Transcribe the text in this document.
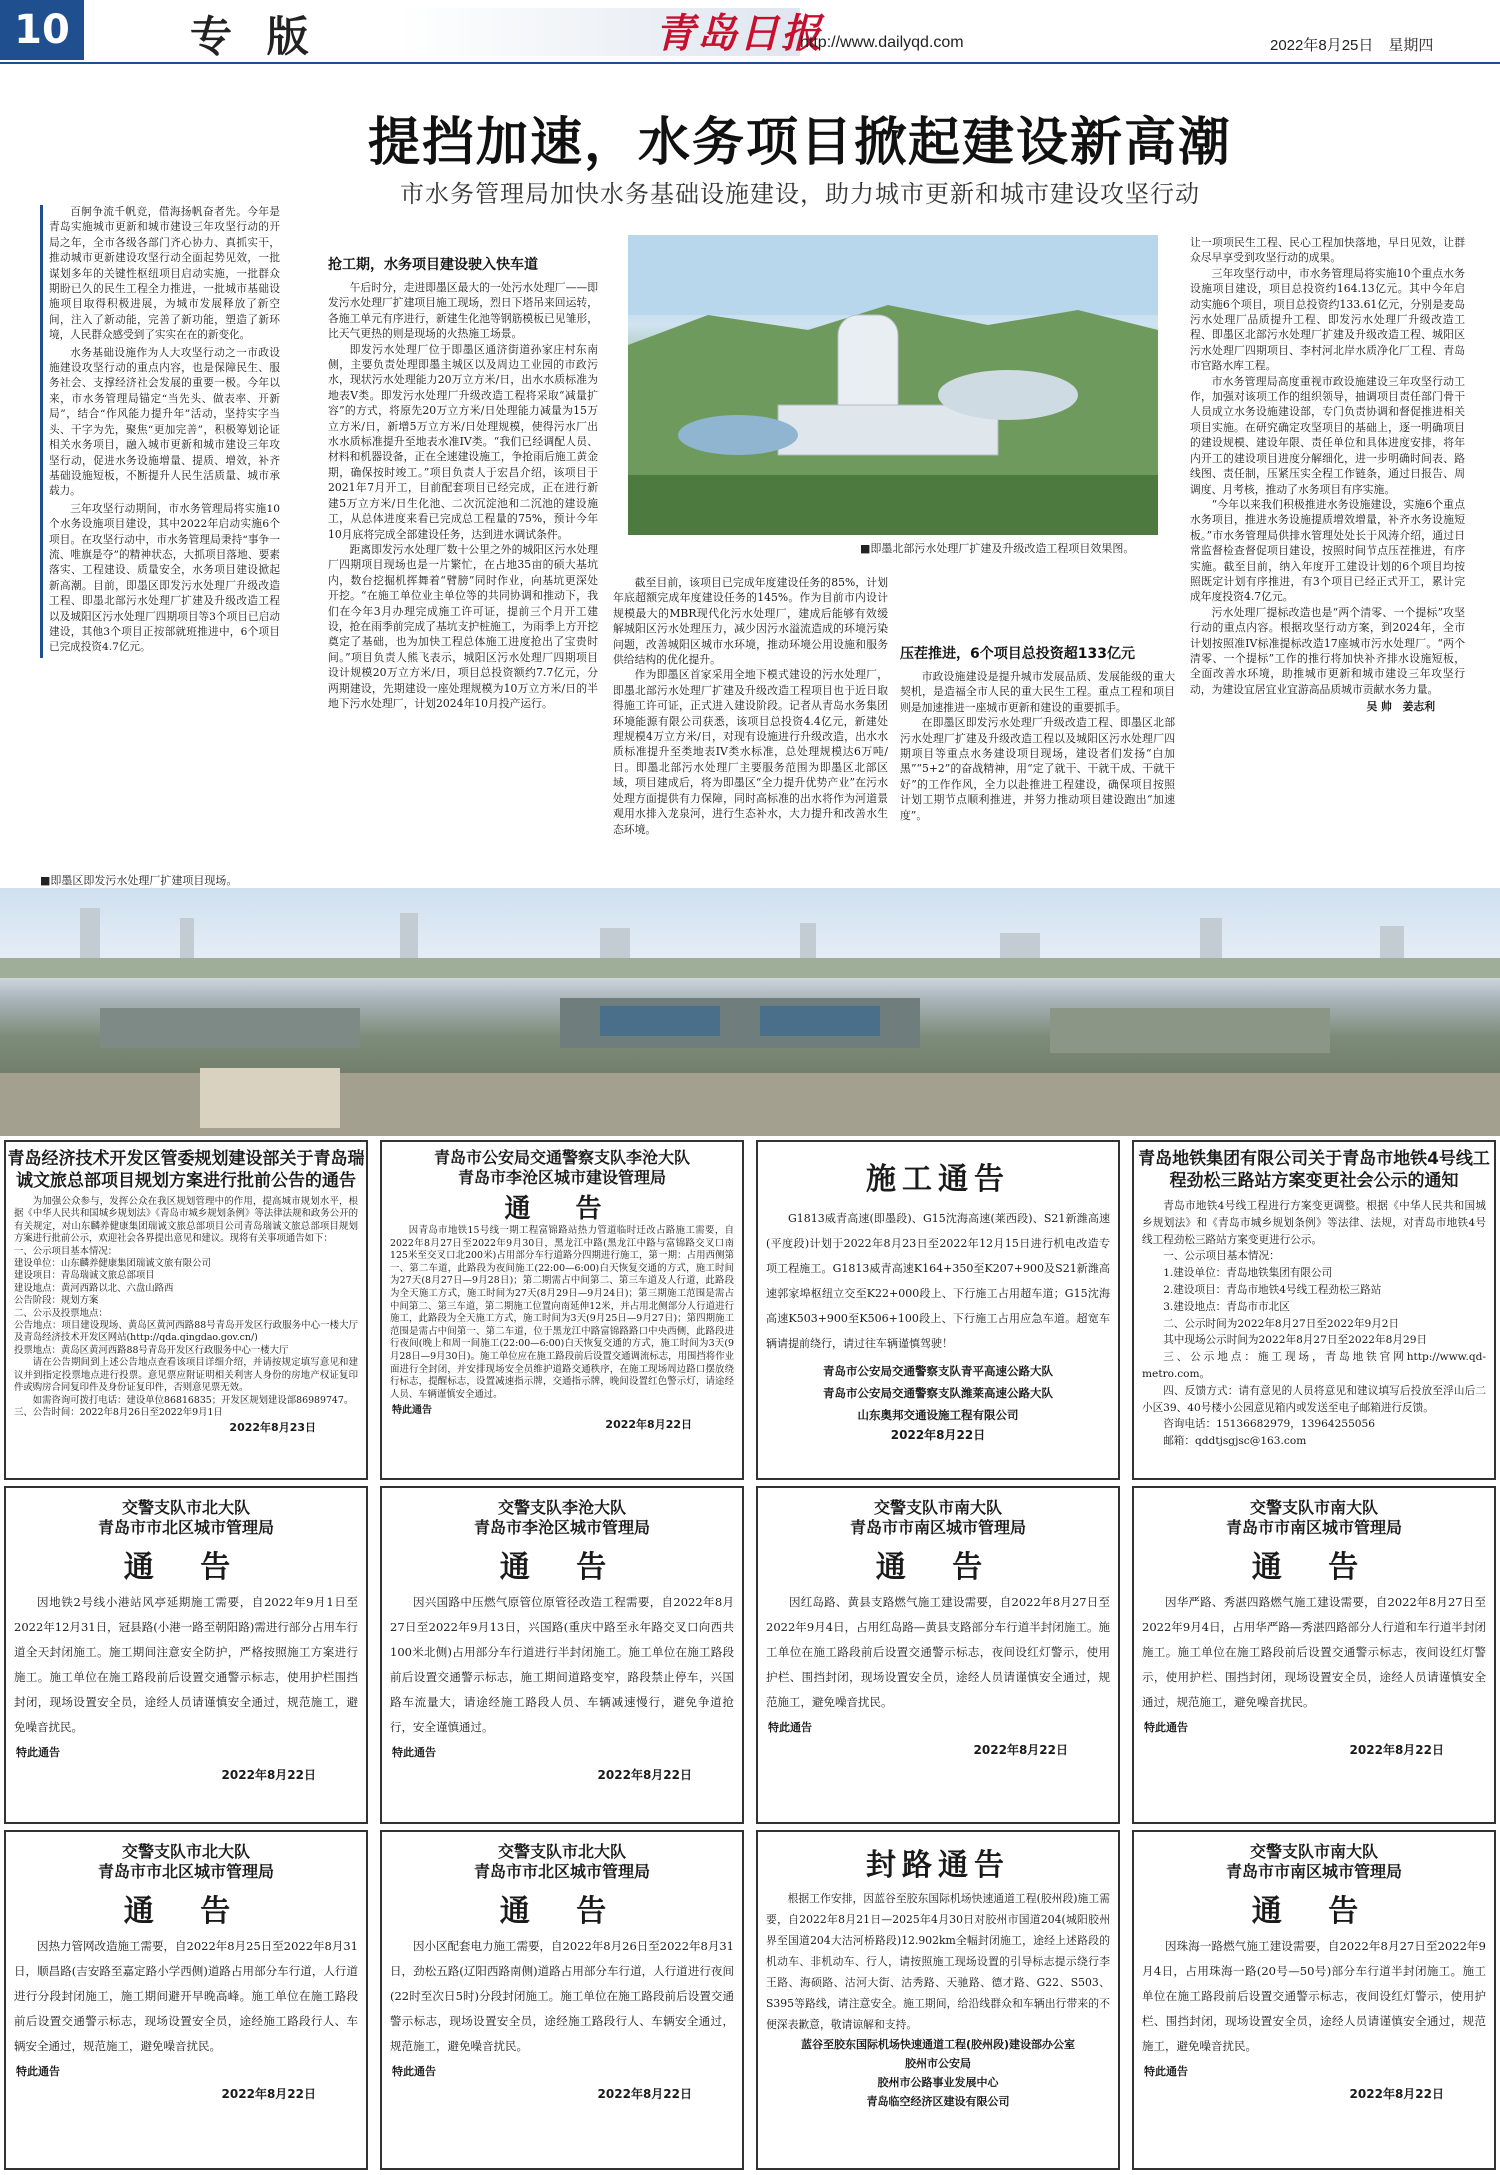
10	专 版	青岛日报
http://www.dailyqd.com	2022年8月25日　星期四
提挡加速，水务项目掀起建设新高潮
市水务管理局加快水务基础设施建设，助力城市更新和城市建设攻坚行动

百舸争流千帆竞，借海扬帆奋者先。今年是青岛实施城市更新和城市建设三年攻坚行动的开局之年，全市各级各部门齐心协力、真抓实干，推动城市更新建设攻坚行动全面起势见效，一批谋划多年的关键性枢纽项目启动实施，一批群众期盼已久的民生工程全力推进，一批城市基础设施项目取得积极进展，为城市发展释放了新空间，注入了新动能，完善了新功能，塑造了新环境，人民群众感受到了实实在在的新变化。

水务基础设施作为人大攻坚行动之一市政设施建设攻坚行动的重点内容，也是保障民生、服务社会、支撑经济社会发展的重要一极。今年以来，市水务管理局锚定“当先头、做表率、开新局”，结合“作风能力提升年”活动，坚持实字当头、干字为先，聚焦“更加完善”，积极筹划论证相关水务项目，融入城市更新和城市建设三年攻坚行动，促进水务设施增量、提质、增效，补齐基础设施短板，不断提升人民生活质量、城市承载力。

三年攻坚行动期间，市水务管理局将实施10个水务设施项目建设，其中2022年启动实施6个项目。在攻坚行动中，市水务管理局秉持“事争一流、唯旗是夺”的精神状态，大抓项目落地、要素落实、工程建设、质量安全，水务项目建设掀起新高潮。目前，即墨区即发污水处理厂升级改造工程、即墨北部污水处理厂扩建及升级改造工程以及城阳区污水处理厂四期项目等3个项目已启动建设，其他3个项目正按部就班推进中，6个项目已完成投资4.7亿元。

抢工期，水务项目建设驶入快车道

午后时分，走进即墨区最大的一处污水处理厂——即发污水处理厂扩建项目施工现场，烈日下塔吊来回运转，各施工单元有序进行，新建生化池等钢筋模板已见雏形，比天气更热的则是现场的火热施工场景。

即发污水处理厂位于即墨区通济街道孙家庄村东南侧，主要负责处理即墨主城区以及周边工业园的市政污水，现状污水处理能力20万立方米/日，出水水质标准为地表V类。即发污水处理厂升级改造工程将采取“减量扩容”的方式，将原先20万立方米/日处理能力减量为15万立方米/日，新增5万立方米/日处理规模，使得污水厂出水水质标准提升至地表水准IV类。“我们已经调配人员、材料和机器设备，正在全速建设施工，争抢雨后施工黄金期，确保按时竣工。”项目负责人于宏昌介绍，该项目于2021年7月开工，目前配套项目已经完成，正在进行新建5万立方米/日生化池、二次沉淀池和二沉池的建设施工，从总体进度来看已完成总工程量的75%，预计今年10月底将完成全部建设任务，达到进水调试条件。

距离即发污水处理厂数十公里之外的城阳区污水处理厂四期项目现场也是一片繁忙，在占地35亩的硕大基坑内，数台挖掘机挥舞着“臂膀”同时作业，向基坑更深处开挖。“在施工单位业主单位等的共同协调和推动下，我们在今年3月办理完成施工许可证，提前三个月开工建设，抢在雨季前完成了基坑支护桩施工，为雨季上方开挖奠定了基础，也为加快工程总体施工进度抢出了宝贵时间。”项目负责人熊飞表示，城阳区污水处理厂四期项目设计规模20万立方米/日，项目总投资额约7.7亿元，分两期建设，先期建设一座处理规模为10万立方米/日的半地下污水处理厂，计划2024年10月投产运行。

■即墨北部污水处理厂扩建及升级改造工程项目效果图。

截至目前，该项目已完成年度建设任务的85%，计划年底超额完成年度建设任务的145%。作为目前市内设计规模最大的MBR现代化污水处理厂，建成后能够有效缓解城阳区污水处理压力，减少因污水溢流造成的环境污染问题，改善城阳区城市水环境，推动环境公用设施和服务供给结构的优化提升。

作为即墨区首家采用全地下模式建设的污水处理厂，即墨北部污水处理厂扩建及升级改造工程项目也于近日取得施工许可证，正式进入建设阶段。记者从青岛水务集团环境能源有限公司获悉，该项目总投资4.4亿元，新建处理规模4万立方米/日，对现有设施进行升级改造，出水水质标准提升至类地表IV类水标准，总处理规模达6万吨/日。即墨北部污水处理厂主要服务范围为即墨区北部区域，项目建成后，将为即墨区“全力提升优势产业”在污水处理方面提供有力保障，同时高标准的出水将作为河道景观用水排入龙泉河，进行生态补水，大力提升和改善水生态环境。

压茬推进，6个项目总投资超133亿元

市政设施建设是提升城市发展品质、发展能级的重大契机，是造福全市人民的重大民生工程。重点工程和项目则是加速推进一座城市更新和建设的重要抓手。

在即墨区即发污水处理厂升级改造工程、即墨区北部污水处理厂扩建及升级改造工程以及城阳区污水处理厂四期项目等重点水务建设项目现场，建设者们发扬“白加黑”“5+2”的奋战精神，用“定了就干、干就干成、干就干好”的工作作风，全力以赴推进工程建设，确保项目按照计划工期节点顺利推进，并努力推动项目建设跑出“加速度”。

让一项项民生工程、民心工程加快落地，早日见效，让群众尽早享受到攻坚行动的成果。

三年攻坚行动中，市水务管理局将实施10个重点水务设施项目建设，项目总投资约164.13亿元。其中今年启动实施6个项目，项目总投资约133.61亿元，分别是麦岛污水处理厂品质提升工程、即发污水处理厂升级改造工程、即墨区北部污水处理厂扩建及升级改造工程、城阳区污水处理厂四期项目、李村河北岸水质净化厂工程、青岛市官路水库工程。

市水务管理局高度重视市政设施建设三年攻坚行动工作，加强对该项工作的组织领导，抽调项目责任部门骨干人员成立水务设施建设部，专门负责协调和督促推进相关项目实施。在研究确定攻坚项目的基础上，逐一明确项目的建设规模、建设年限、责任单位和具体进度安排，将年内开工的建设项目进度分解细化，进一步明确时间表、路线图、责任制，压紧压实全程工作链条，通过日报告、周调度、月考核，推动了水务项目有序实施。

“今年以来我们积极推进水务设施建设，实施6个重点水务项目，推进水务设施提质增效增量，补齐水务设施短板。”市水务管理局供排水管理处处长于风涛介绍，通过日常监督检查督促项目建设，按照时间节点压茬推进，有序实施。截至目前，纳入年度开工建设计划的6个项目均按照既定计划有序推进，有3个项目已经正式开工，累计完成年度投资4.7亿元。

污水处理厂提标改造也是“两个清零、一个提标”攻坚行动的重点内容。根据攻坚行动方案，到2024年，全市计划按照准IV标准提标改造17座城市污水处理厂。“两个清零、一个提标”工作的推行将加快补齐排水设施短板，全面改善水环境，助推城市更新和城市建设三年攻坚行动，为建设宜居宜业宜游高品质城市贡献水务力量。

吴 帅　姜志利
■即墨区即发污水处理厂扩建项目现场。
青岛经济技术开发区管委规划建设部关于青岛瑞诚文旅总部项目规划方案进行批前公告的通告
为加强公众参与，发挥公众在我区规划管理中的作用，提高城市规划水平，根据《中华人民共和国城乡规划法》《青岛市城乡规划条例》等法律法规和政务公开的有关规定，对山东麟养健康集团瑞诚文旅总部项目公司青岛瑞诚文旅总部项目规划方案进行批前公示，欢迎社会各界提出意见和建议。现将有关事项通告如下：
一、公示项目基本情况：
建设单位：山东麟养健康集团瑞诚文旅有限公司
建设项目：青岛瑞诚文旅总部项目
建设地点：黄河西路以北、六盘山路西
公告阶段：规划方案
二、公示及投票地点：
公告地点：项目建设现场、黄岛区黄河西路88号青岛开发区行政服务中心一楼大厅及青岛经济技术开发区网站(http://qda.qingdao.gov.cn/)
投票地点：黄岛区黄河西路88号青岛开发区行政服务中心一楼大厅
请在公告期间到上述公告地点查看该项目详细介绍，并请按规定填写意见和建议并到指定投票地点进行投票。意见票应附证明相关利害人身份的房地产权证复印件或购房合同复印件及身份证复印件，否则意见票无效。
如需咨询可拨打电话：建设单位86816835；开发区规划建设部86989747。
三、公告时间：2022年8月26日至2022年9月1日
2022年8月23日
青岛市公安局交通警察支队李沧大队
青岛市李沧区城市建设管理局
通 告
因青岛市地铁15号线一期工程富锦路站热力管道临时迁改占路施工需要，自2022年8月27日至2022年9月30日，黑龙江中路(黑龙江中路与富锦路交叉口南125米至交叉口北200米)占用部分车行道路分四期进行施工，第一期：占用西侧第一、第二车道，此路段为夜间施工(22:00—6:00)白天恢复交通的方式，施工时间为27天(8月27日—9月28日)；第二期需占中间第二、第三车道及人行道，此路段为全天施工方式，施工时间为27天(8月29日—9月24日)；第三期施工范围是需占中间第二、第三车道，第二期施工位置向南延伸12米，并占用北侧部分人行道进行施工，此路段为全天施工方式，施工时间为3天(9月25日—9月27日)；第四期施工范围是需占中间第一、第二车道，位于黑龙江中路富锦路路口中央西侧，此路段进行夜间(晚上和周一间施工(22:00—6:00)白天恢复交通的方式，施工时间为3天(9月28日—9月30日)。施工单位应在施工路段前后设置交通调流标志，用围挡将作业面进行全封闭，并安排现场安全员维护道路交通秩序，在施工现场周边路口摆放绕行标志，提醒标志，设置减速指示牌，交通指示牌，晚间设置红色警示灯，请途经人员、车辆谨慎安全通过。
特此通告
2022年8月22日
施工通告
G1813威青高速(即墨段)、G15沈海高速(莱西段)、S21新潍高速(平度段)计划于2022年8月23日至2022年12月15日进行机电改造专项工程施工。G1813威青高速K164+350至K207+900及S21新潍高速郭家埠枢纽立交至K22+000段上、下行施工占用超车道；G15沈海高速K503+900至K506+100段上、下行施工占用应急车道。超宽车辆请提前绕行，请过往车辆谨慎驾驶！
青岛市公安局交通警察支队青平高速公路大队
青岛市公安局交通警察支队潍莱高速公路大队
山东奥邦交通设施工程有限公司
2022年8月22日
青岛地铁集团有限公司关于青岛市地铁4号线工程劲松三路站方案变更社会公示的通知
青岛市地铁4号线工程进行方案变更调整。根据《中华人民共和国城乡规划法》和《青岛市城乡规划条例》等法律、法规，对青岛市地铁4号线工程劲松三路站方案变更进行公示。
一、公示项目基本情况：
1.建设单位：青岛地铁集团有限公司
2.建设项目：青岛市地铁4号线工程劲松三路站
3.建设地点：青岛市市北区
二、公示时间为2022年8月27日至2022年9月2日
其中现场公示时间为2022年8月27日至2022年8月29日
三、公示地点：施工现场，青岛地铁官网http://www.qd-metro.com。
四、反馈方式：请有意见的人员将意见和建议填写后投放至浮山后二小区39、40号楼小公园意见箱内或发送至电子邮箱进行反馈。
咨询电话：15136682979，13964255056
邮箱：qddtjsgjsc@163.com
交警支队市北大队
青岛市市北区城市管理局
通 告
因地铁2号线小港站风亭延期施工需要，自2022年9月1日至2022年12月31日，冠县路(小港一路至朝阳路)需进行部分占用车行道全天封闭施工。施工期间注意安全防护，严格按照施工方案进行施工。施工单位在施工路段前后设置交通警示标志，使用护栏围挡封闭，现场设置安全员，途经人员请谨慎安全通过，规范施工，避免噪音扰民。
特此通告
2022年8月22日
交警支队李沧大队
青岛市李沧区城市管理局
通 告
因兴国路中压燃气原管位原管径改造工程需要，自2022年8月27日至2022年9月13日，兴国路(重庆中路至永年路交叉口向西共100米北侧)占用部分车行道进行半封闭施工。施工单位在施工路段前后设置交通警示标志，施工期间道路变窄，路段禁止停车，兴国路车流量大，请途经施工路段人员、车辆减速慢行，避免争道抢行，安全谨慎通过。
特此通告
2022年8月22日
交警支队市南大队
青岛市市南区城市管理局
通 告
因红岛路、黄县支路燃气施工建设需要，自2022年8月27日至2022年9月4日，占用红岛路—黄县支路部分车行道半封闭施工。施工单位在施工路段前后设置交通警示标志，夜间设红灯警示，使用护栏、围挡封闭，现场设置安全员，途经人员请谨慎安全通过，规范施工，避免噪音扰民。
特此通告
2022年8月22日
交警支队市南大队
青岛市市南区城市管理局
通 告
因华严路、秀湛四路燃气施工建设需要，自2022年8月27日至2022年9月4日，占用华严路—秀湛四路部分人行道和车行道半封闭施工。施工单位在施工路段前后设置交通警示标志，夜间设红灯警示，使用护栏、围挡封闭，现场设置安全员，途经人员请谨慎安全通过，规范施工，避免噪音扰民。
特此通告
2022年8月22日
交警支队市北大队
青岛市市北区城市管理局
通 告
因热力管网改造施工需要，自2022年8月25日至2022年8月31日，顺昌路(吉安路至嘉定路小学西侧)道路占用部分车行道，人行道进行分段封闭施工，施工期间避开早晚高峰。施工单位在施工路段前后设置交通警示标志，现场设置安全员，途经施工路段行人、车辆安全通过，规范施工，避免噪音扰民。
特此通告
2022年8月22日
交警支队市北大队
青岛市市北区城市管理局
通 告
因小区配套电力施工需要，自2022年8月26日至2022年8月31日，劲松五路(辽阳西路南侧)道路占用部分车行道，人行道进行夜间(22时至次日5时)分段封闭施工。施工单位在施工路段前后设置交通警示标志，现场设置安全员，途经施工路段行人、车辆安全通过，规范施工，避免噪音扰民。
特此通告
2022年8月22日
封路通告
根据工作安排，因蓝谷至胶东国际机场快速通道工程(胶州段)施工需要，自2022年8月21日—2025年4月30日对胶州市国道204(城阳胶州界至国道204大沽河桥路段)12.902km全幅封闭施工，途经上述路段的机动车、非机动车、行人，请按照施工现场设置的引导标志提示绕行李王路、海硕路、沽河大街、沽秀路、天驰路、德才路、G22、S503、S395等路线，请注意安全。施工期间，给沿线群众和车辆出行带来的不便深表歉意，敬请谅解和支持。
蓝谷至胶东国际机场快速通道工程(胶州段)建设部办公室
胶州市公安局
胶州市公路事业发展中心
青岛临空经济区建设有限公司
交警支队市南大队
青岛市市南区城市管理局
通 告
因珠海一路燃气施工建设需要，自2022年8月27日至2022年9月4日，占用珠海一路(20号—50号)部分车行道半封闭施工。施工单位在施工路段前后设置交通警示标志，夜间设红灯警示，使用护栏、围挡封闭，现场设置安全员，途经人员请谨慎安全通过，规范施工，避免噪音扰民。
特此通告
2022年8月22日
